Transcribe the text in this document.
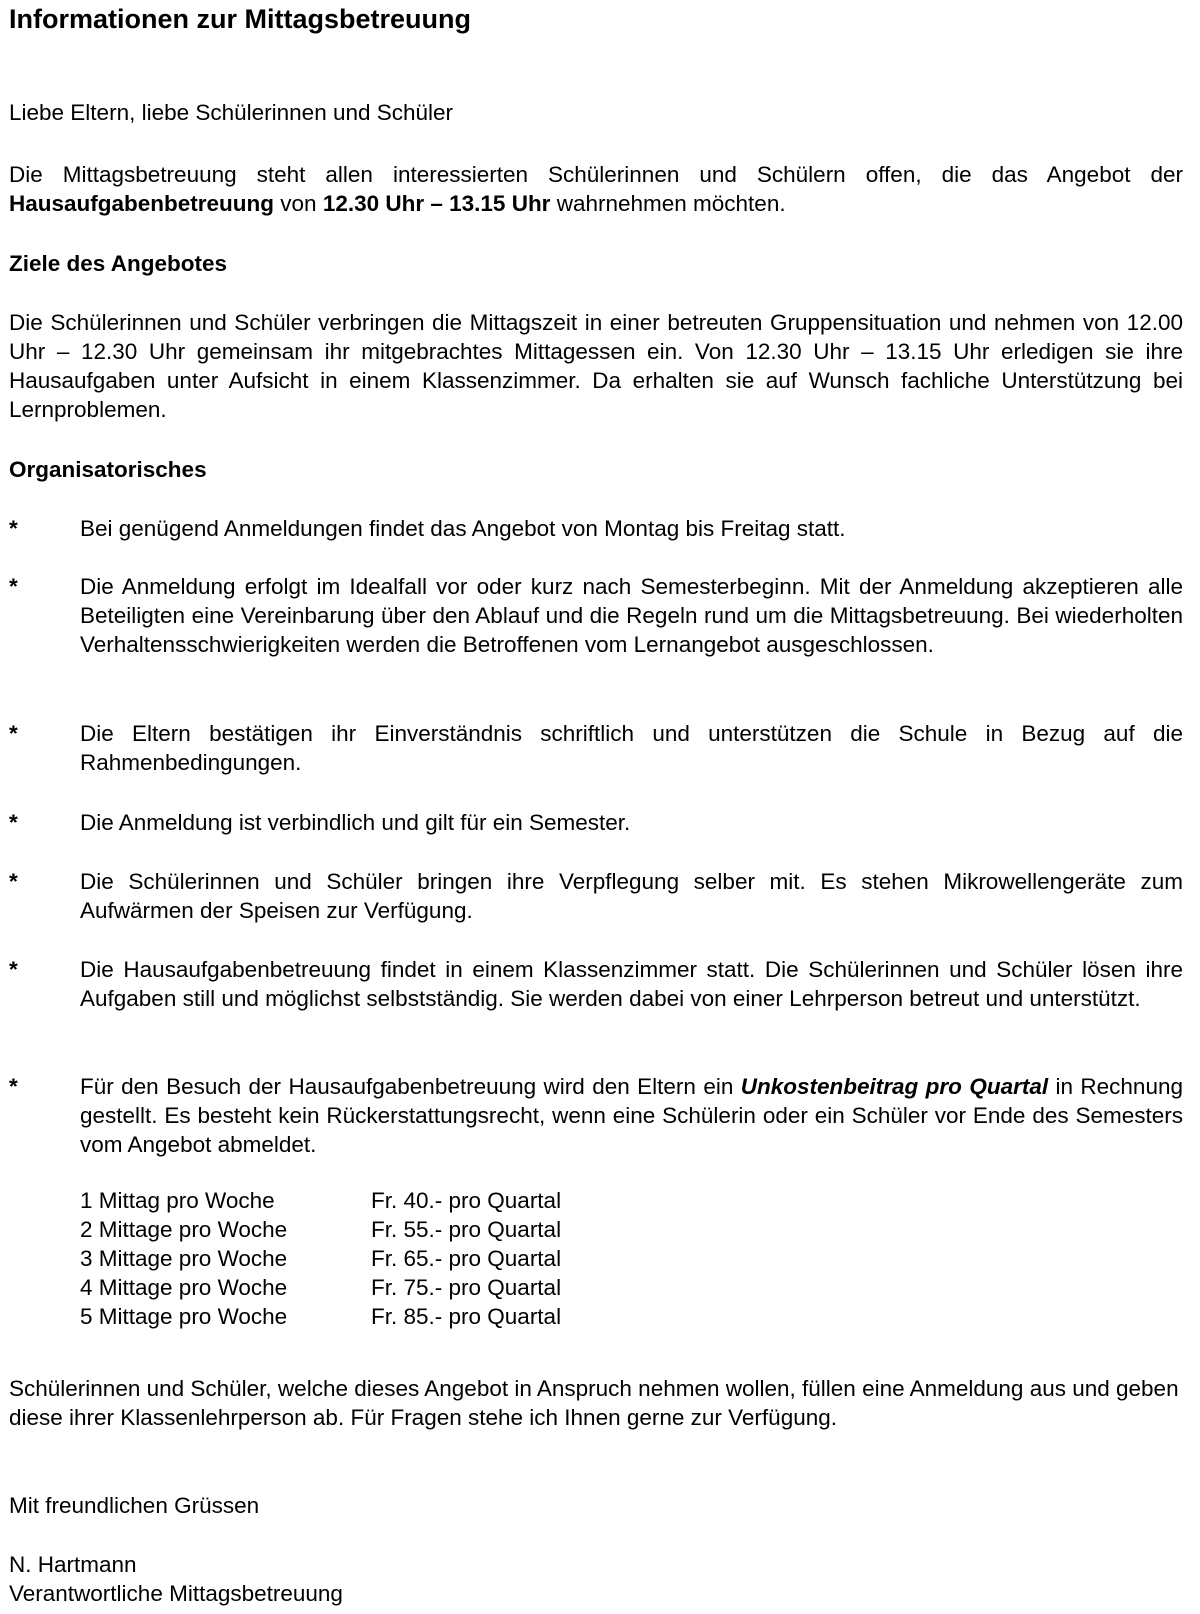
Informationen zur Mittagsbetreuung
Liebe Eltern, liebe Schülerinnen und Schüler
Die Mittagsbetreuung steht allen interessierten Schülerinnen und Schülern offen, die das Angebot der Hausaufgabenbetreuung von 12.30 Uhr – 13.15 Uhr wahrnehmen möchten.
Ziele des Angebotes
Die Schülerinnen und Schüler verbringen die Mittagszeit in einer betreuten Gruppensituation und nehmen von 12.00 Uhr – 12.30 Uhr gemeinsam ihr mitgebrachtes Mittagessen ein. Von 12.30 Uhr – 13.15 Uhr erledigen sie ihre Hausaufgaben unter Aufsicht in einem Klassenzimmer. Da erhalten sie auf Wunsch fachliche Unterstützung bei Lernproblemen.
Organisatorisches
*	Bei genügend Anmeldungen findet das Angebot von Montag bis Freitag statt.
*	Die Anmeldung erfolgt im Idealfall vor oder kurz nach Semesterbeginn. Mit der Anmeldung akzeptieren alle Beteiligten eine Vereinbarung über den Ablauf und die Regeln rund um die Mittagsbetreuung. Bei wiederholten Verhaltensschwierigkeiten werden die Betroffenen vom Lernangebot ausgeschlossen.
*	Die Eltern bestätigen ihr Einverständnis schriftlich und unterstützen die Schule in Bezug auf die Rahmenbedingungen.
*	Die Anmeldung ist verbindlich und gilt für ein Semester.
*	Die Schülerinnen und Schüler bringen ihre Verpflegung selber mit. Es stehen Mikrowellengeräte zum Aufwärmen der Speisen zur Verfügung.
*	Die Hausaufgabenbetreuung findet in einem Klassenzimmer statt. Die Schülerinnen und Schüler lösen ihre Aufgaben still und möglichst selbstständig. Sie werden dabei von einer Lehrperson betreut und unterstützt.
*	Für den Besuch der Hausaufgabenbetreuung wird den Eltern ein Unkostenbeitrag pro Quartal in Rechnung gestellt. Es besteht kein Rückerstattungsrecht, wenn eine Schülerin oder ein Schüler vor Ende des Semesters vom Angebot abmeldet.
1 Mittag pro Woche	Fr. 40.- pro Quartal
2 Mittage pro Woche	Fr. 55.- pro Quartal
3 Mittage pro Woche	Fr. 65.- pro Quartal
4 Mittage pro Woche	Fr. 75.- pro Quartal
5 Mittage pro Woche	Fr. 85.- pro Quartal
Schülerinnen und Schüler, welche dieses Angebot in Anspruch nehmen wollen, füllen eine Anmeldung aus und geben diese ihrer Klassenlehrperson ab. Für Fragen stehe ich Ihnen gerne zur Verfügung.
Mit freundlichen Grüssen
N. Hartmann
Verantwortliche Mittagsbetreuung
